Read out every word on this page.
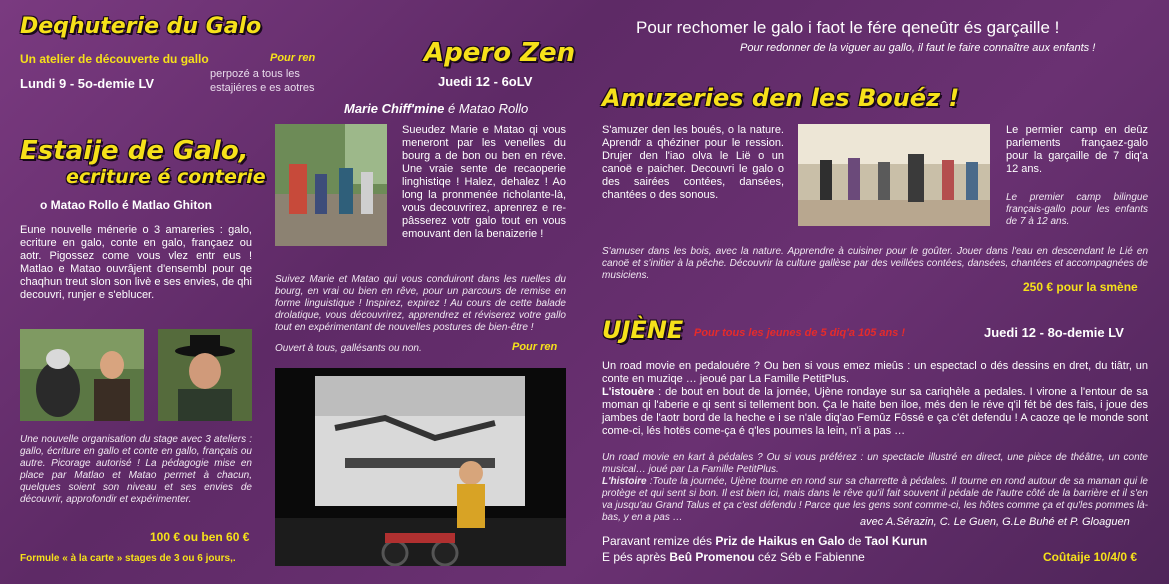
Deqhuterie du Galo
Un atelier de découverte du gallo	Pour ren
Lundi 9 - 5o-demie LV
perpozé a tous les
estajiéres e es aotres
Estaije de Galo,
ecriture é conterie
o Matao Rollo é Matlao Ghiton
Eune nouvelle ménerie o 3 amareries : galo, ecriture en galo, conte en galo, françaez ou aotr. Pigossez come vous vlez entr eus ! Matlao e Matao ouvrâjent d'ensembl pour qe chaqhun treut slon son livè e ses envies, de qhi decouvri, runjer e s'eblucer.
Une nouvelle organisation du stage avec 3 ateliers : gallo, écriture en gallo et conte en gallo, français ou autre. Picorage autorisé ! La pédagogie mise en place par Matlao et Matao permet à chacun, quelques soient son niveau et ses envies de découvrir, approfondir et expérimenter.
100 € ou ben 60 €
Formule « à la carte » stages de 3 ou 6 jours,.
Apero Zen
Juedi 12 - 6oLV
Marie Chiff'mine é Matao Rollo
Sueudez Marie e Matao qi vous meneront par les venelles du bourg a de bon ou ben en réve. Une vraie sente de recaoperie linghistiqe ! Halez, dehalez ! Ao long la pronmenée richolante-là, vous decouvrirez, aprenrez e re-pâsserez votr galo tout en vous emouvant den la benaizerie !
Suivez Marie et Matao qui vous conduiront dans les ruelles du bourg, en vrai ou bien en rêve, pour un parcours de remise en forme linguistique ! Inspirez, expirez ! Au cours de cette balade drolatique, vous découvrirez, apprendrez et réviserez votre gallo tout en expérimentant de nouvelles postures de bien-être !
Ouvert à tous, gallésants ou non.	Pour ren
Pour rechomer le galo i faot le fére qeneûtr és garçaille !
Pour redonner de la viguer au gallo, il faut le faire connaître aux enfants !
Amuzeries den les Bouéz !
S'amuzer den les boués, o la nature. Aprendr a qhéziner pour le ression. Drujer den l'iao olva le Lië o un canoë e paicher. Decouvri le galo o des sairées contées, dansées, chantées o des sonous.
Le permier camp en deûz parlements françaez-galo pour la garçaille de 7 diq'a 12 ans.
Le premier camp bilingue français-gallo pour les enfants de 7 à 12 ans.
S'amuser dans les bois, avec la nature. Apprendre à cuisiner pour le goûter. Jouer dans l'eau en descendant le Lié en canoë et s'initier à la pêche. Découvrir la culture gallèse par des veillées contées, dansées, chantées et accompagnées de musiciens.
250 € pour la smène
UJÈNE Pour tous les jeunes de 5 diq'a 105 ans !	Juedi 12 - 8o-demie LV
Un road movie en pedalouére ? Ou ben si vous emez mieûs : un espectacl o dés dessins en dret, du tiâtr, un conte en muziqe … jeoué par La Famille PetitPlus.
L'istouère : de bout en bout de la jornée, Ujène rondaye sur sa cariqhèle a pedales. I virone a l'entour de sa moman qi l'aberie e qi sent si tellement bon. Ça le haite ben iloe, més den le réve q'il fét bé des fais, i joue des jambes de l'aotr bord de la heche e i se n'ale diq'ao Femûz Fôssé e ça c'ét defendu ! A caoze qe le monde sont come-ci, lés hotës come-ça é q'les poumes la lein, n'i a pas …
Un road movie en kart à pédales ? Ou si vous préférez : un spectacle illustré en direct, une pièce de théâtre, un conte musical… joué par La Famille PetitPlus.
L'histoire :Toute la journée, Ujène tourne en rond sur sa charrette à pédales. Il tourne en rond autour de sa maman qui le protège et qui sent si bon. Il est bien ici, mais dans le rêve qu'il fait souvent il pédale de l'autre côté de la barrière et il s'en va jusqu'au Grand Talus et ça c'est défendu ! Parce que les gens sont comme-ci, les hôtes comme ça et qu'les pommes là-bas, y en a pas …	avec A.Sérazin, C. Le Guen, G.Le Buhé et P. Gloaguen
Paravant remize dés Priz de Haikus en Galo de Taol Kurun
E pés après Beû Promenou céz Séb e Fabienne	Coûtaije 10/4/0 €
